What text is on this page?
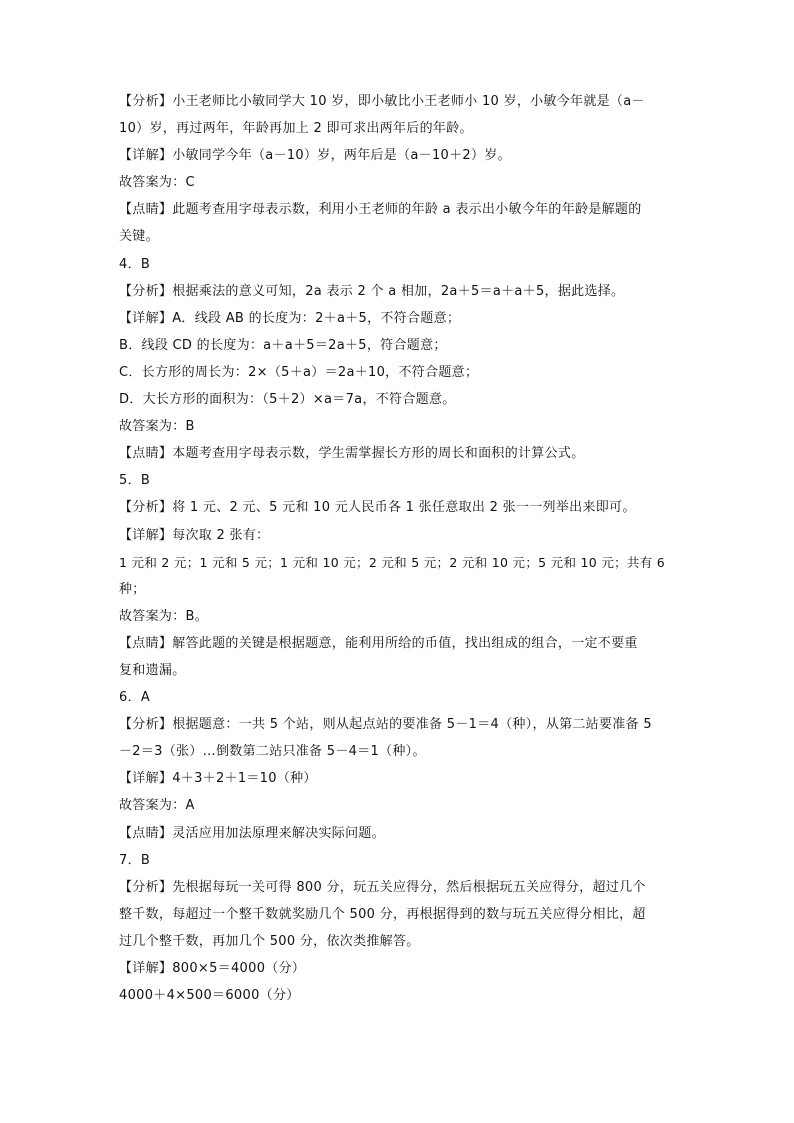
【分析】小王老师比小敏同学大 10 岁，即小敏比小王老师小 10 岁，小敏今年就是（a－
10）岁，再过两年，年龄再加上 2 即可求出两年后的年龄。
【详解】小敏同学今年（a－10）岁，两年后是（a－10＋2）岁。
故答案为：C
【点睛】此题考查用字母表示数，利用小王老师的年龄 a 表示出小敏今年的年龄是解题的
关键。
4．B
【分析】根据乘法的意义可知，2a 表示 2 个 a 相加，2a＋5＝a＋a＋5，据此选择。
【详解】A．线段 AB 的长度为：2＋a＋5，不符合题意；
B．线段 CD 的长度为：a＋a＋5＝2a＋5，符合题意；
C．长方形的周长为：2×（5＋a）＝2a＋10，不符合题意；
D．大长方形的面积为：（5＋2）×a＝7a，不符合题意。
故答案为：B
【点睛】本题考查用字母表示数，学生需掌握长方形的周长和面积的计算公式。
5．B
【分析】将 1 元、2 元、5 元和 10 元人民币各 1 张任意取出 2 张一一列举出来即可。
【详解】每次取 2 张有：
1 元和 2 元；1 元和 5 元；1 元和 10 元；2 元和 5 元；2 元和 10 元；5 元和 10 元；共有 6
种；
故答案为：B。
【点睛】解答此题的关键是根据题意，能利用所给的币值，找出组成的组合，一定不要重
复和遗漏。
6．A
【分析】根据题意：一共 5 个站，则从起点站的要准备 5－1＝4（种），从第二站要准备 5
－2＝3（张）…倒数第二站只准备 5－4＝1（种）。
【详解】4＋3＋2＋1＝10（种）
故答案为：A
【点睛】灵活应用加法原理来解决实际问题。
7．B
【分析】先根据每玩一关可得 800 分，玩五关应得分，然后根据玩五关应得分，超过几个
整千数，每超过一个整千数就奖励几个 500 分，再根据得到的数与玩五关应得分相比，超
过几个整千数，再加几个 500 分，依次类推解答。
【详解】800×5＝4000（分）
4000＋4×500＝6000（分）
